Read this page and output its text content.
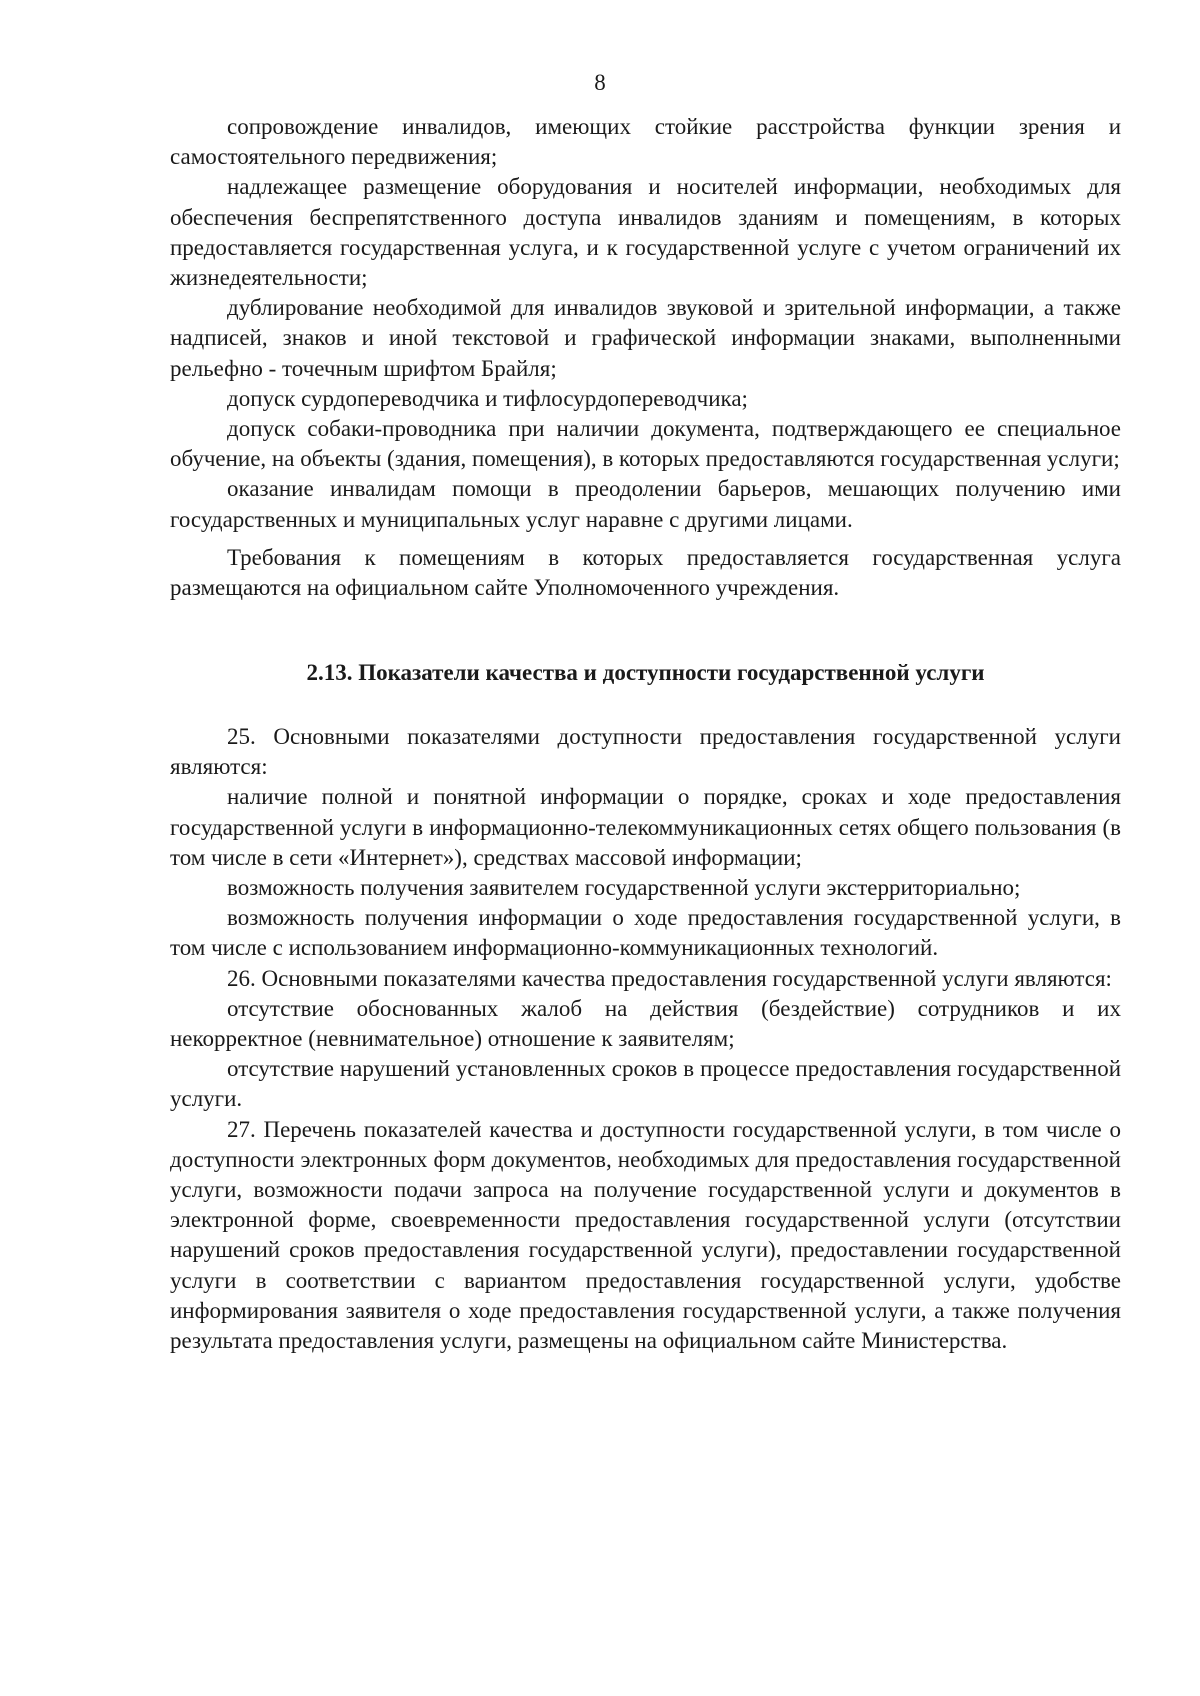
8

сопровождение инвалидов, имеющих стойкие расстройства функции зрения и самостоятельного передвижения;

надлежащее размещение оборудования и носителей информации, необходимых для обеспечения беспрепятственного доступа инвалидов зданиям и помещениям, в которых предоставляется государственная услуга, и к государственной услуге с учетом ограничений их жизнедеятельности;

дублирование необходимой для инвалидов звуковой и зрительной информации, а также надписей, знаков и иной текстовой и графической информации знаками, выполненными рельефно - точечным шрифтом Брайля;

допуск сурдопереводчика и тифлосурдопереводчика;

допуск собаки-проводника при наличии документа, подтверждающего ее специальное обучение, на объекты (здания, помещения), в которых предоставляются государственная услуги;

оказание инвалидам помощи в преодолении барьеров, мешающих получению ими государственных и муниципальных услуг наравне с другими лицами.

Требования к помещениям в которых предоставляется государственная услуга размещаются на официальном сайте Уполномоченного учреждения.

2.13. Показатели качества и доступности государственной услуги

25. Основными показателями доступности предоставления государственной услуги являются:

наличие полной и понятной информации о порядке, сроках и ходе предоставления государственной услуги в информационно-телекоммуникационных сетях общего пользования (в том числе в сети «Интернет»), средствах массовой информации;

возможность получения заявителем государственной услуги экстерриториально;

возможность получения информации о ходе предоставления государственной услуги, в том числе с использованием информационно-коммуникационных технологий.

26. Основными показателями качества предоставления государственной услуги являются:

отсутствие обоснованных жалоб на действия (бездействие) сотрудников и их некорректное (невнимательное) отношение к заявителям;

отсутствие нарушений установленных сроков в процессе предоставления государственной услуги.

27. Перечень показателей качества и доступности государственной услуги, в том числе о доступности электронных форм документов, необходимых для предоставления государственной услуги, возможности подачи запроса на получение государственной услуги и документов в электронной форме, своевременности предоставления государственной услуги (отсутствии нарушений сроков предоставления государственной услуги), предоставлении государственной услуги в соответствии с вариантом предоставления государственной услуги, удобстве информирования заявителя о ходе предоставления государственной услуги, а также получения результата предоставления услуги, размещены на официальном сайте Министерства.
